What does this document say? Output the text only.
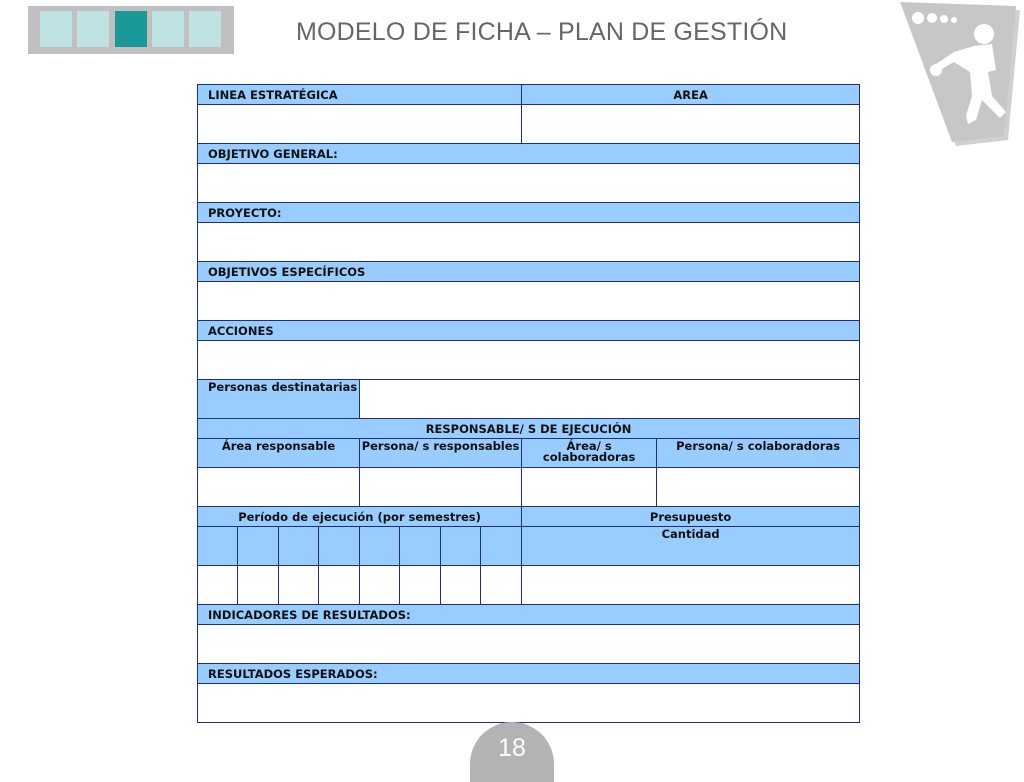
MODELO DE FICHA – PLAN DE GESTIÓN
LINEA ESTRATÉGICA								AREA	

OBJETIVO GENERAL:									

PROYECTO:									

OBJETIVOS ESPECÍFICOS									

ACCIONES									

Personas destinatarias									
RESPONSABLE/ S DE EJECUCIÓN									
Área responsable				Persona/ s responsables				Área/ s colaboradoras	Persona/ s colaboradoras

Período de ejecución (por semestres)								Presupuesto	
								Cantidad	

INDICADORES DE RESULTADOS:									

RESULTADOS ESPERADOS:									

18
